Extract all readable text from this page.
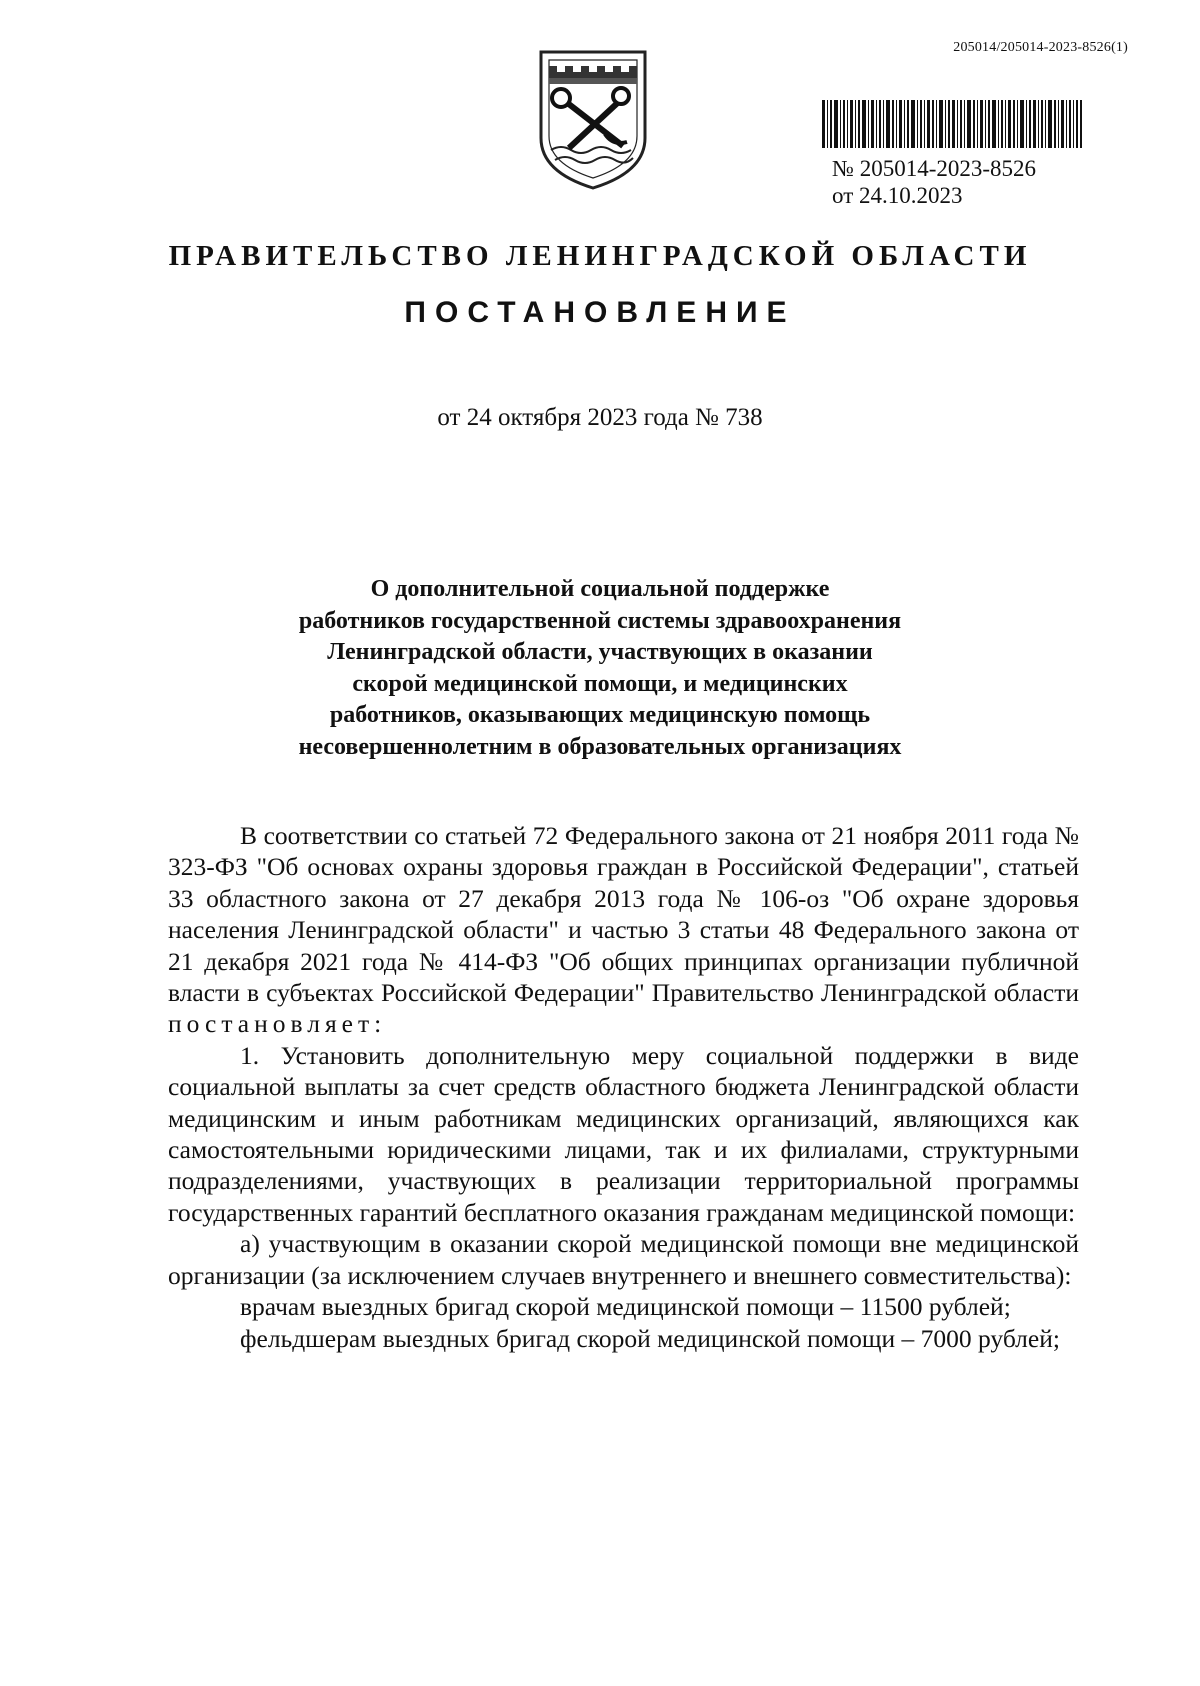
205014/205014-2023-8526(1)
№ 205014-2023-8526
от 24.10.2023
ПРАВИТЕЛЬСТВО ЛЕНИНГРАДСКОЙ ОБЛАСТИ
ПОСТАНОВЛЕНИЕ
от 24 октября 2023 года № 738
О дополнительной социальной поддержке
работников государственной системы здравоохранения
Ленинградской области, участвующих в оказании
скорой медицинской помощи, и медицинских
работников, оказывающих медицинскую помощь
несовершеннолетним в образовательных организациях

В соответствии со статьей 72 Федерального закона от 21 ноября 2011 года № 323-ФЗ "Об основах охраны здоровья граждан в Российской Федерации", статьей 33 областного закона от 27 декабря 2013 года № 106-оз "Об охране здоровья населения Ленинградской области" и частью 3 статьи 48 Федерального закона от 21 декабря 2021 года № 414-ФЗ "Об общих принципах организации публичной власти в субъектах Российской Федерации" Правительство Ленинградской области постановляет:

1. Установить дополнительную меру социальной поддержки в виде социальной выплаты за счет средств областного бюджета Ленинградской области медицинским и иным работникам медицинских организаций, являющихся как самостоятельными юридическими лицами, так и их филиалами, структурными подразделениями, участвующих в реализации территориальной программы государственных гарантий бесплатного оказания гражданам медицинской помощи:

а) участвующим в оказании скорой медицинской помощи вне медицинской организации (за исключением случаев внутреннего и внешнего совместительства):

врачам выездных бригад скорой медицинской помощи – 11500 рублей;

фельдшерам выездных бригад скорой медицинской помощи – 7000 рублей;
